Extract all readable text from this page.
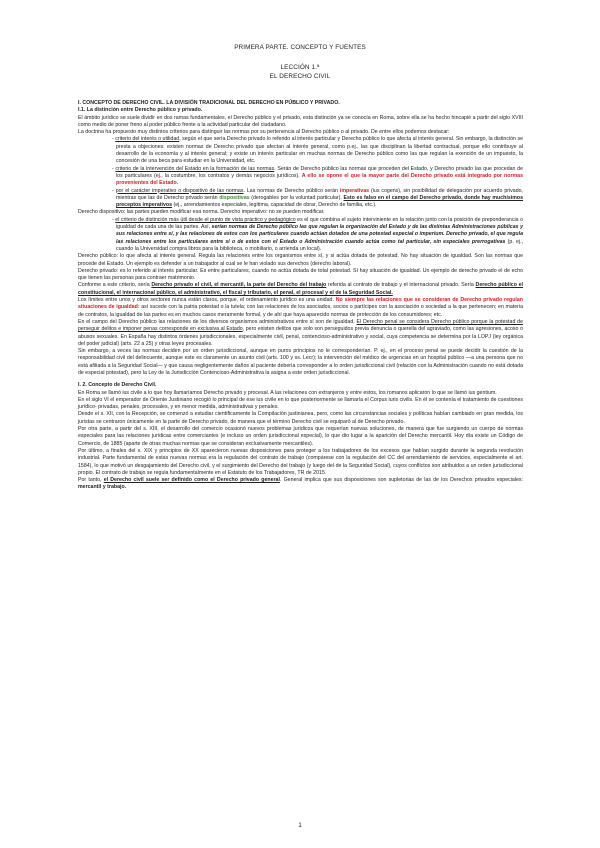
PRIMERA PARTE. CONCEPTO Y FUENTES
LECCIÓN 1.ª
EL DERECHO CIVIL

I. CONCEPTO DE DERECHO CIVIL. LA DIVISIÓN TRADICIONAL DEL DERECHO EN PÚBLICO Y PRIVADO.

I.1. La distinción entre Derecho público y privado.

El ámbito jurídico se suele dividir en dos ramas fundamentales, el Derecho público y el privado, esta distinción ya se conocía en Roma, sobre ella se ha hecho hincapié a partir del siglo XVIII como medio de poner freno al poder público frente a la actividad particular del ciudadano.

La doctrina ha propuesto muy distintos criterios para distinguir las normas por su pertenencia al Derecho público o al privado. De entre ellos podemos destacar:

- criterio del interés o utilidad, según el que sería Derecho privado lo referido al interés particular y Derecho público lo que afecta al interés general. Sin embargo, la distinción se presta a objeciones: existen normas de Derecho privado que afectan al interés general, como p.ej., las que disciplinan la libertad contractual, porque ello contribuye al desarrollo de la economía y al interés general; y existe un interés particular en muchas normas de Derecho público como las que regulan la exención de un impuesto, la concesión de una beca para estudiar en la Universidad, etc.

- criterio de la intervención del Estado en la formación de las normas. Serán de Derecho público las normas que proceden del Estado, y Derecho privado las que procedan de los particulares (ej., la costumbre, los contratos y demás negocios jurídicos). A ello se opone el que la mayor parte del Derecho privado está integrado por normas provenientes del Estado.

- por el carácter imperativo o dispositivo de las normas. Las normas de Derecho público serán imperativas (ius cogens), sin posibilidad de delegación por acuerdo privado, mientras que las de Derecho privado serán dispositivas (derogables por la voluntad particular). Esto es falso en el campo del Derecho privado, donde hay muchísimos preceptos imperativos (ej., arrendamientos especiales, legítima, capacidad de obrar, Derecho de familia, etc.).

Derecho dispositivo: las partes pueden modificar esa norma. Derecho imperativo: no se pueden modificar.

- el criterio de distinción más útil desde el punto de vista práctico y pedagógico es el que combina el sujeto interviniente en la relación junto con la posición de preponderancia o igualdad de cada una de las partes. Así, serían normas de Derecho público las que regulan la organización del Estado y de las distintas Administraciones públicas y sus relaciones entre sí, y las relaciones de estos con los particulares cuando actúan dotados de una potestad especial o imperium. Derecho privado, el que regula las relaciones entre los particulares entre sí o de estos con el Estado o Administración cuando actúa como tal particular, sin especiales prerrogativas (p. ej., cuando la Universidad compra libros para la biblioteca, o mobiliario, o arrienda un local).

Derecho público: lo que afecta al interés general. Regula las relaciones entre los organismos entre sí, y si actúa dotada de potestad. No hay situación de igualdad. Son las normas que procede del Estado. Un ejemplo es defender a un trabajador al cual se le han violado sus derechos (derecho laboral).

Derecho privado: es lo referido al interés particular. Es entre particulares, cuando no actúa dotada de total potestad. Sí hay situación de igualdad. Un ejemplo de derecho privado el de echo que tienen las personas para contraer matrimonio.

Conforme a este criterio, sería Derecho privado el civil, el mercantil, la parte del Derecho del trabajo referida al contrato de trabajo y el internacional privado. Sería Derecho público el constitucional, el internacional público, el administrativo, el fiscal y tributario, el penal, el procesal y el de la Seguridad Social.

Los límites entre unos y otros sectores nunca están claros, porque, el ordenamiento jurídico es una unidad. No siempre las relaciones que se consideran de Derecho privado regulan situaciones de igualdad: así sucede con la patria potestad o la tutela; con las relaciones de los asociados, socios o partícipes con la asociación o sociedad a la que pertenecen; en materia de contratos, la igualdad de las partes es en muchos casos meramente formal, y de ahí que haya aparecido normas de protección de los consumidores; etc.

En el campo del Derecho público las relaciones de los diversos organismos administrativos entre sí son de igualdad. El Derecho penal se considera Derecho público porque la potestad de perseguir delitos e imponer penas corresponde en exclusiva al Estado, pero existen delitos que solo son perseguidos previa denuncia o querella del agraviado, como las agresiones, acoso o abusos sexuales. En España hay distintos órdenes jurisdiccionales, especialmente civil, penal, contencioso-administrativo y social, cuya competencia se determina por la LOPJ (ley orgánica del poder judicial) (arts. 22 a 25) y otras leyes procesales.

Sin embargo, a veces las normas deciden por un orden jurisdiccional, aunque en puros principios no le corresponderían. P. ej., en el proceso penal se puede decidir la cuestión de la responsabilidad civil del delincuente, aunque este es claramente un asunto civil (arts. 100 y ss. Lecr); la intervención del médico de urgencias en un hospital público —a una persona que no está afiliada a la Seguridad Social— y que causa negligentemente daños al paciente debería corresponder a lo orden jurisdiccional civil (relación con la Administración cuando no está dotada de especial potestad), pero la Ley de la Jurisdicción Contencioso-Administrativa la asigna a este orden jurisdiccional.

I. 2. Concepto de Derecho Civil.

En Roma se llamó ius civile a lo que hoy llamaríamos Derecho privado y procesal. A las relaciones con extranjeros y entre estos, los romanos aplicaron lo que se llamó ius gentium.

En el siglo VI el emperador de Oriente Justiniano recogió lo principal de ese ius civile en lo que posteriormente se llamaría el Corpus iuris civilis. En él se contenía el tratamiento de cuestiones jurídico- privadas, penales, procesales, y en menor medida, administrativas y penales.

Desde el s. XII, con la Recepción, se comenzó a estudiar científicamente la Compilación justinianea, pero, como las circunstancias sociales y políticas habían cambiado en gran medida, los juristas se centraron únicamente en la parte de Derecho privado, de manera que el término Derecho civil se equiparó al de Derecho privado.

Por otra parte, a partir del s. XIII, el desarrollo del comercio ocasionó nuevos problemas jurídicos que requerían nuevas soluciones, de manera que fue surgiendo un cuerpo de normas especiales para las relaciones jurídicas entre comerciantes (e incluso un orden jurisdiccional especial), lo que dio lugar a la aparición del Derecho mercantil. Hoy día existe un Código de Comercio, de 1885 (aparte de otras muchas normas que se consideran exclusivamente mercantiles).

Por último, a finales del s. XIX y principios de XX aparecieron nuevas disposiciones para proteger a los trabajadores de los excesos que habían surgido durante la segunda revolución industrial. Parte fundamental de estas nuevas normas era la regulación del contrato de trabajo (compárese con la regulación del CC del arrendamiento de servicios, especialmente el art. 1584), lo que motivó un desgajamiento del Derecho civil, y el surgimiento del Derecho del trabajo (y luego del de la Seguridad Social), cuyos conflictos son atribuidos a un orden jurisdiccional propio. El contrato de trabajo se regula fundamentalmente en el Estatuto de los Trabajadores, TR de 2015.

Por tanto, el Derecho civil suele ser definido como el Derecho privado general. General implica que sus disposiciones son supletorias de las de los Derechos privados especiales: mercantil y trabajo.

1
